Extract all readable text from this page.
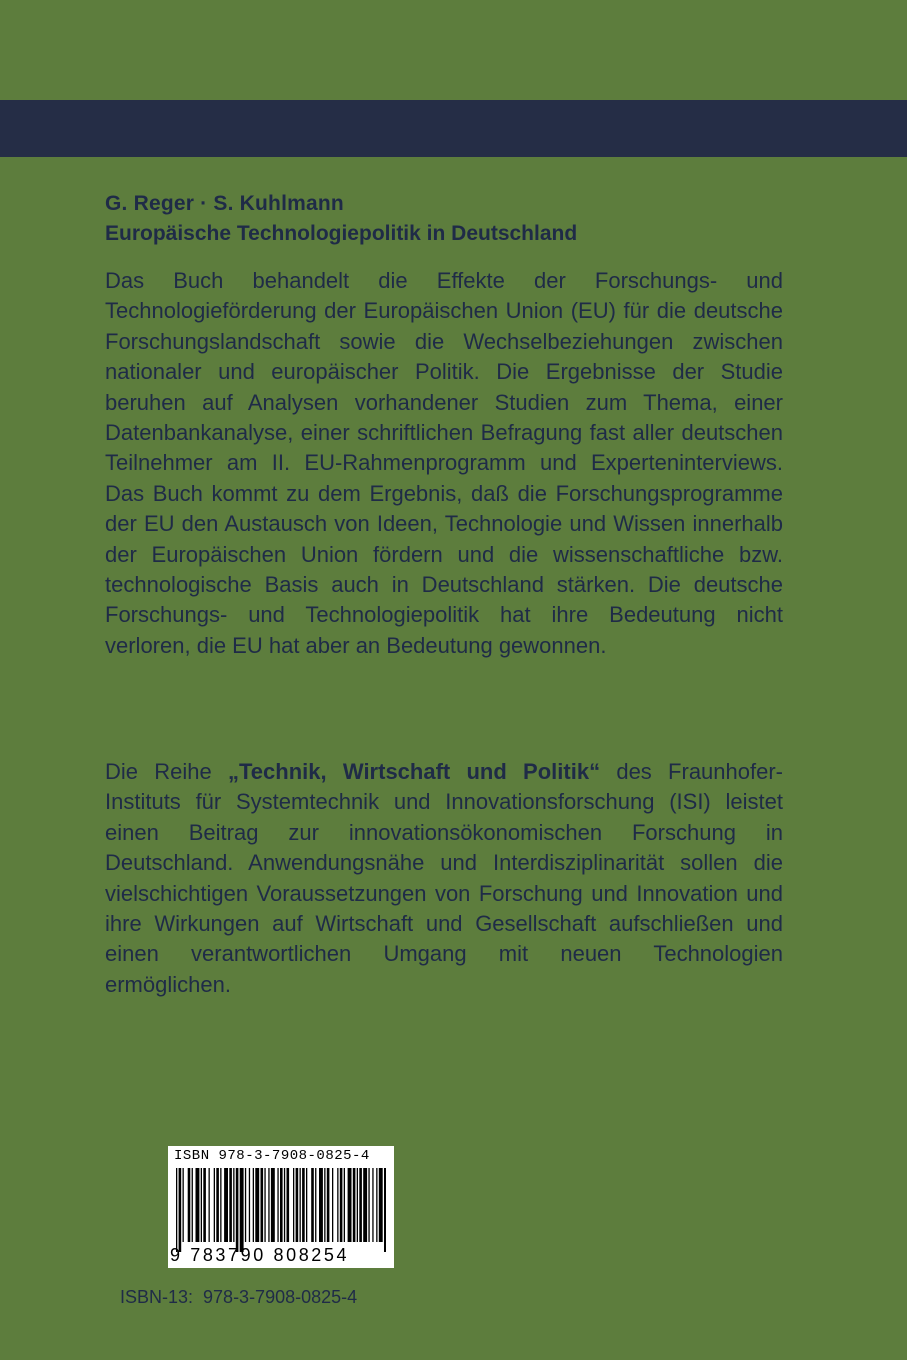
G. Reger · S. Kuhlmann
Europäische Technologiepolitik in Deutschland

Das Buch behandelt die Effekte der Forschungs- und Technologieförderung der Europäischen Union (EU) für die deutsche Forschungslandschaft sowie die Wechselbeziehungen zwischen nationaler und europäischer Politik. Die Ergebnisse der Studie beruhen auf Analysen vorhandener Studien zum Thema, einer Datenbankanalyse, einer schriftlichen Befragung fast aller deutschen Teilnehmer am II. EU-Rahmenprogramm und Experteninterviews. Das Buch kommt zu dem Ergebnis, daß die Forschungsprogramme der EU den Austausch von Ideen, Technologie und Wissen innerhalb der Europäischen Union fördern und die wissenschaftliche bzw. technologische Basis auch in Deutschland stärken. Die deutsche Forschungs- und Technologiepolitik hat ihre Bedeutung nicht verloren, die EU hat aber an Bedeutung gewonnen.

Die Reihe „Technik, Wirtschaft und Politik“ des Fraunhofer-Instituts für Systemtechnik und Innovationsforschung (ISI) leistet einen Beitrag zur innovationsökonomischen Forschung in Deutschland. Anwendungsnähe und Interdisziplinarität sollen die vielschichtigen Voraussetzungen von Forschung und Innovation und ihre Wirkungen auf Wirtschaft und Gesellschaft aufschließen und einen verantwortlichen Umgang mit neuen Technologien ermöglichen.

ISBN 978-3-7908-0825-4
9 783790 808254
ISBN-13:  978-3-7908-0825-4
